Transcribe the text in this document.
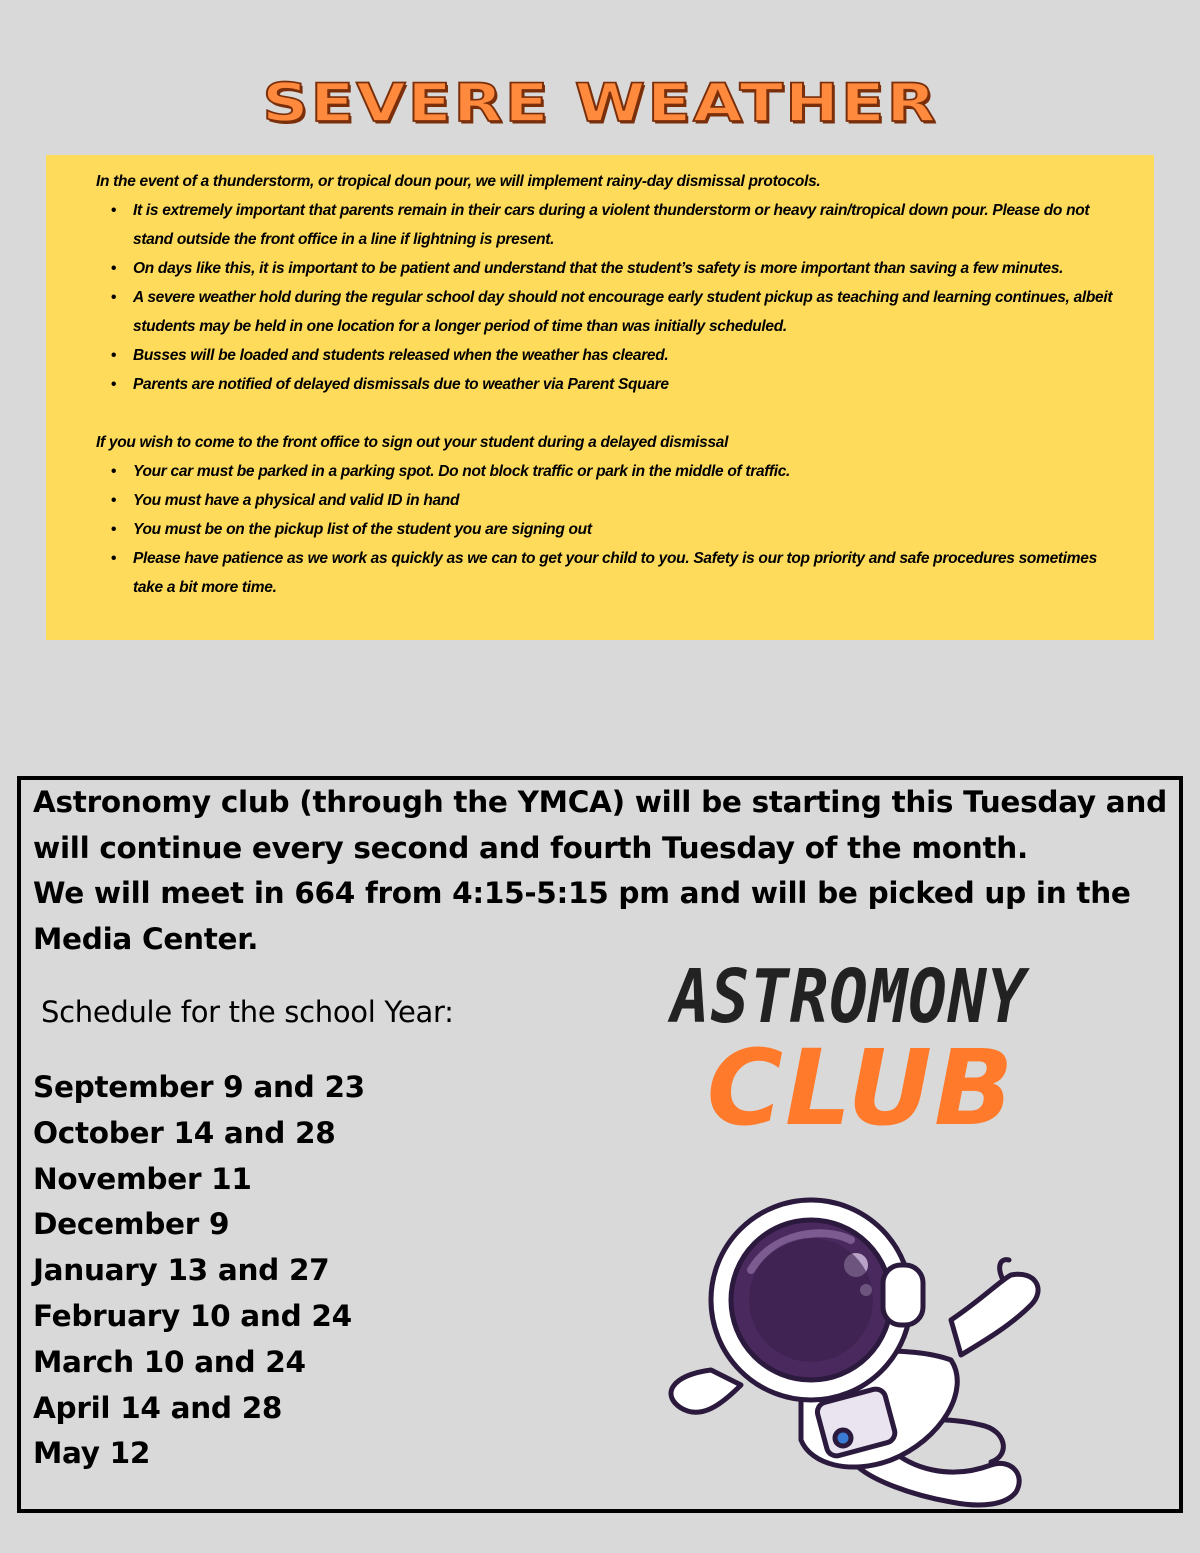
SEVERE WEATHER

In the event of a thunderstorm, or tropical doun pour, we will implement rainy-day dismissal protocols.

• It is extremely important that parents remain in their cars during a violent thunderstorm or heavy rain/tropical down pour. Please do not stand outside the front office in a line if lightning is present.
• On days like this, it is important to be patient and understand that the student’s safety is more important than saving a few minutes.
• A severe weather hold during the regular school day should not encourage early student pickup as teaching and learning continues, albeit students may be held in one location for a longer period of time than was initially scheduled.
• Busses will be loaded and students released when the weather has cleared.
• Parents are notified of delayed dismissals due to weather via Parent Square

If you wish to come to the front office to sign out your student during a delayed dismissal

• Your car must be parked in a parking spot. Do not block traffic or park in the middle of traffic.
• You must have a physical and valid ID in hand
• You must be on the pickup list of the student you are signing out
• Please have patience as we work as quickly as we can to get your child to you. Safety is our top priority and safe procedures sometimes take a bit more time.

Astronomy club (through the YMCA) will be starting this Tuesday and will continue every second and fourth Tuesday of the month.

We will meet in 664 from 4:15-5:15 pm and will be picked up in the Media Center.

Schedule for the school Year:
September 9 and 23
October 14 and 28
November 11
December 9
January 13 and 27
February 10 and 24
March 10 and 24
April 14 and 28
May 12
ASTROMONY
CLUB
